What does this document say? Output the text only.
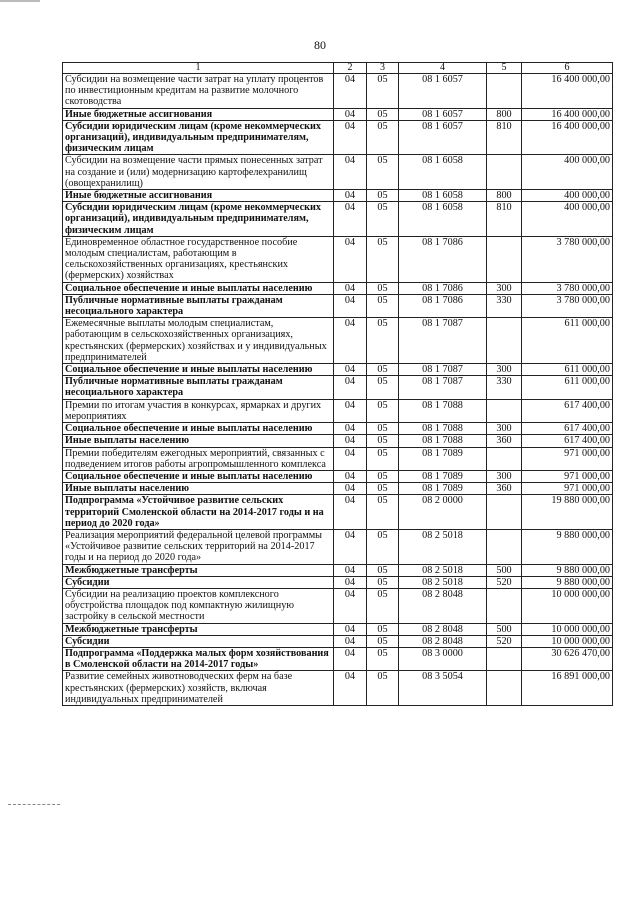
80
1	2	3	4	5	6
Субсидии на возмещение части затрат на уплату процентов по инвестиционным кредитам на развитие молочного скотоводства	04	05	08 1 6057		16 400 000,00
Иные бюджетные ассигнования	04	05	08 1 6057	800	16 400 000,00
Субсидии юридическим лицам (кроме некоммерческих организаций), индивидуальным предпринимателям, физическим лицам	04	05	08 1 6057	810	16 400 000,00
Субсидии на возмещение части прямых понесенных затрат на создание и (или) модернизацию картофелехранилищ (овощехранилищ)	04	05	08 1 6058		400 000,00
Иные бюджетные ассигнования	04	05	08 1 6058	800	400 000,00
Субсидии юридическим лицам (кроме некоммерческих организаций), индивидуальным предпринимателям, физическим лицам	04	05	08 1 6058	810	400 000,00
Единовременное областное государственное пособие молодым специалистам, работающим в сельскохозяйственных организациях, крестьянских (фермерских) хозяйствах	04	05	08 1 7086		3 780 000,00
Социальное обеспечение и иные выплаты населению	04	05	08 1 7086	300	3 780 000,00
Публичные нормативные выплаты гражданам несоциального характера	04	05	08 1 7086	330	3 780 000,00
Ежемесячные выплаты молодым специалистам, работающим в сельскохозяйственных организациях, крестьянских (фермерских) хозяйствах и у индивидуальных предпринимателей	04	05	08 1 7087		611 000,00
Социальное обеспечение и иные выплаты населению	04	05	08 1 7087	300	611 000,00
Публичные нормативные выплаты гражданам несоциального характера	04	05	08 1 7087	330	611 000,00
Премии по итогам участия в конкурсах, ярмарках и других мероприятиях	04	05	08 1 7088		617 400,00
Социальное обеспечение и иные выплаты населению	04	05	08 1 7088	300	617 400,00
Иные выплаты населению	04	05	08 1 7088	360	617 400,00
Премии победителям ежегодных мероприятий, связанных с подведением итогов работы агропромышленного комплекса	04	05	08 1 7089		971 000,00
Социальное обеспечение и иные выплаты населению	04	05	08 1 7089	300	971 000,00
Иные выплаты населению	04	05	08 1 7089	360	971 000,00
Подпрограмма «Устойчивое развитие сельских территорий Смоленской области на 2014-2017 годы и на период до 2020 года»	04	05	08 2 0000		19 880 000,00
Реализация мероприятий федеральной целевой программы «Устойчивое развитие сельских территорий на 2014-2017 годы и на период до 2020 года»	04	05	08 2 5018		9 880 000,00
Межбюджетные трансферты	04	05	08 2 5018	500	9 880 000,00
Субсидии	04	05	08 2 5018	520	9 880 000,00
Субсидии на реализацию проектов комплексного обустройства площадок под компактную жилищную застройку в сельской местности	04	05	08 2 8048		10 000 000,00
Межбюджетные трансферты	04	05	08 2 8048	500	10 000 000,00
Субсидии	04	05	08 2 8048	520	10 000 000,00
Подпрограмма «Поддержка малых форм хозяйствования в Смоленской области на 2014-2017 годы»	04	05	08 3 0000		30 626 470,00
Развитие семейных животноводческих ферм на базе крестьянских (фермерских) хозяйств, включая индивидуальных предпринимателей	04	05	08 3 5054		16 891 000,00
